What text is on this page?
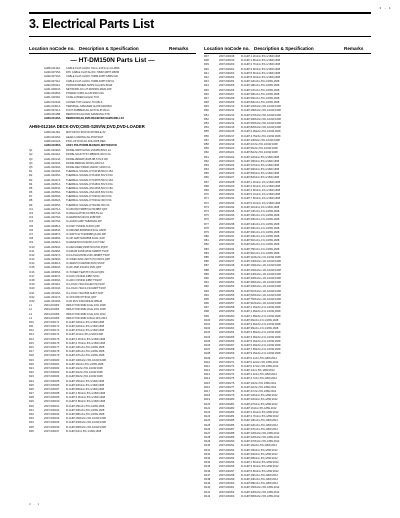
3 - 1
3. Electrical Parts List
Location no.
Code no. Description & Specification	Remarks
— HT-DM150N Parts List —
AH68-01143A	CABLE FLAT-AH;DC,70mm,24P,1mm,UL2896
AH39-00715A	FPC CABLE FLAT;AH;DC,70MM,40PIT,18MM
AH39-00710A	CABLE FLAT-AH;DC,70MM,40PIT,18MM,GD
AH39-00711A	CABLE FLAT-AH;DC,70MM,40PIT,15P,UL
AH93-00611A	TRANSFORMER-SMPS;AH,220V,60HZ
AH41-00603A	NETWORK-DC;HT-DM150N,MAIN,20P
AH94-00180A	POWER CORD;AH,2P,250V,10A
AH61-01150A	CASE-LOWER;AH,EGI,T0.8
AH63-01233A	COVER-TOP;AH,EGI,T0.6,BLK
AH64-01301A	TERMINAL-SPEAKER;AH,8P,GRN,BLK
AH63-00721A	FOOT-RUBBER;AH,ANTI-SLIP,15mm
AH59-00115B	REMOCON;AH,DVD,SAMSUNG,STD
AH59-01146A	REMOCON;AH,DVD-RECEIVER,SAMSUNG,LZ3
AH59-01216A DECK-DVD;CMS-S25V\N;DVD,DVD-LOADER
AH59-01146A	MOTOR DC;3P,DVD,SPINDLE,3V
AH63-00415A	GEAR-LOADING;AH,POM,WHT
AH59-01012A	PICK-UP DVD;AH,SOH-DP8,RED
AH59-01005A	ASSY POLYFORM-MAIN;DC,MOTOR,DVD
Q1	AH41-00199A	DIODE-SWITCHING;1SS355,80V,0.1A
Q2	AH41-00211A	DIODE-SCHOTTKY;RB520S,30V,0.2A
Q3	AH41-00214A	DIODE-ZENER;UDZ5.6B,5.6V,0.2W
Q4	AH41-00223A	DIODE-BRIDGE;DF04S,400V,1A
Q5	AH41-00230A	DIODE-RECTIFIER;1N4007,1000V,1A
R1	AH41-00243A	THERMAL-SIGNAL;KTC3198,50V,0.15A
R2	AH41-00245A	THERMAL-SIGNAL;KTA1266,50V,0.15A
R3	AH41-00247A	THERMAL-SIGNAL;KTC3875,50V,0.15A
R4	AH41-00251A	THERMAL-SIGNAL;KTA1504,50V,0.15A
R5	AH41-00254A	THERMAL-SIGNAL;2SC1815,50V,0.15A
R6	AH41-00256A	THERMAL-SIGNAL;2SA1015,50V,0.15A
R7	AH41-00259A	THERMAL-SIGNAL;KTC9013,40V,0.5A
R8	AH41-00262A	THERMAL-SIGNAL;KTC9012,40V,0.5A
R9	AH41-00265A	THERMAL-SIGNAL;KTD1351,60V,3A
IC1	AH41-00271A	IC-MICOM;TMP87CH74F,8BIT,QFP
IC2	AH41-00274A	IC-REGULATOR;KA7805,5V,1A
IC3	AH41-00276A	IC-EEPROM;24C02,2KBIT,8P
IC4	AH41-00279A	IC-AUDIO AMP;TA8200AH,ZIP
IC5	AH41-00281A	IC-DSP;YSS930,AUDIO,QFP
IC6	AH41-00284A	IC-DRIVER;BA5954FP,4CH,HSOP
IC7	AH41-00287A	IC-SWITCH;TC4066BP,QUAD,DIP
IC8	AH41-00289A	IC-OP AMP;NJM4558,DUAL,SOP
IC9	AH41-00291A	IC-RESET;KIA7042AP,4.2V,TO92
IC10	AH41-00293A	IC-DECODER;ZR36710,DVD,PQFP
IC11	AH41-00295A	IC-DRAM;K4S641632,64MBIT,TSOP
IC12	AH41-00297A	IC-FLASH;MX29LV160,16MBIT,TSOP
IC13	AH41-00299A	IC-VIDEO ENC;ADV7170,CMOS,QFP
IC14	AH41-00301A	IC-SERVO;KA9259D,DVD,SSOP
IC15	AH41-00303A	IC-RF AMP;KS1461,DVD,QFP
IC16	AH41-00305A	IC-TUNER;TEA5767,FM,HVQFN
IC17	AH41-00307A	IC-DAC;CS4340,24BIT,SOIC
IC18	AH41-00309A	IC-ADC;CS5340,24BIT,TSSOP
IC19	AH41-00311A	IC-LOGIC;74HC04,HEX INV,SOP
IC20	AH41-00313A	IC-LOGIC;74HC14,SCHMITT,SOP
IC21	AH41-00315A	IC-LOGIC;74HC595,SHIFT,SOP
IC22	AH41-00317A	IC-VFD DRV;PT6311,QFP
IC23	AH41-00319A	IC-IR RCV;KSM-603LM,38KHZ
L1	2901-001063	INDUCTOR-SMD;10uH,10%,1608
L2	2901-001064	INDUCTOR-SMD;22uH,10%,1608
L3	2901-001065	INDUCTOR-SMD;47uH,10%,2012
L4	2901-001066	INDUCTOR-SMD;100uH,10%,2012
R10	2007-000171	R-CHIP;100ohm,5%,1/16W,1608
R11	2007-000172	R-CHIP;220ohm,5%,1/16W,1608
R12	2007-000173	R-CHIP;470ohm,5%,1/16W,1608
R13	2007-000174	R-CHIP;1Kohm,5%,1/16W,1608
R14	2007-000175	R-CHIP;2.2Kohm,5%,1/16W,1608
R15	2007-000176	R-CHIP;4.7Kohm,5%,1/16W,1608
R16	2007-000177	R-CHIP;10Kohm,5%,1/16W,1608
R17	2007-000178	R-CHIP;22Kohm,5%,1/16W,1608
R18	2007-000179	R-CHIP;47Kohm,5%,1/16W,1608
R19	2007-000180	R-CHIP;100Kohm,5%,1/16W,1608
R20	2007-000181	R-CHIP;1Mohm,5%,1/16W,1608
R21	2007-000182	R-CHIP;10ohm,5%,1/16W,1608
R22	2007-000183	R-CHIP;33ohm,5%,1/16W,1608
R23	2007-000184	R-CHIP;68ohm,5%,1/16W,1608
R24	2007-000185	R-CHIP;150ohm,5%,1/16W,1608
R25	2007-000186	R-CHIP;330ohm,5%,1/16W,1608
R26	2007-000187	R-CHIP;680ohm,5%,1/16W,1608
R27	2007-000188	R-CHIP;1.5Kohm,5%,1/16W,1608
R28	2007-000189	R-CHIP;3.3Kohm,5%,1/16W,1608
R29	2007-000190	R-CHIP;6.8Kohm,5%,1/16W,1608
R30	2007-000191	R-CHIP;15Kohm,5%,1/16W,1608
R31	2007-000192	R-CHIP;33Kohm,5%,1/16W,1608
R32	2007-000193	R-CHIP;68Kohm,5%,1/16W,1608
R33	2007-000194	R-CHIP;150Kohm,5%,1/16W,1608
R34	2007-000195	R-CHIP;330Kohm,5%,1/16W,1608
R35	2007-000196	R-CHIP;680Kohm,5%,1/16W,1608
R36	2007-000197	R-CHIP;0ohm,5%,1/16W,1608
Location no.
Code no. Description & Specification	Remarks
R37	2007-000198	R-CHIP;1.2Kohm,5%,1/16W,1608
R38	2007-000199	R-CHIP;1.8Kohm,5%,1/16W,1608
R39	2007-000200	R-CHIP;2.7Kohm,5%,1/16W,1608
R40	2007-000201	R-CHIP;3.9Kohm,5%,1/16W,1608
R41	2007-000202	R-CHIP;5.6Kohm,5%,1/16W,1608
R42	2007-000203	R-CHIP;8.2Kohm,5%,1/16W,1608
R43	2007-000204	R-CHIP;12Kohm,5%,1/16W,1608
R44	2007-000205	R-CHIP;18Kohm,5%,1/16W,1608
R45	2007-000206	R-CHIP;27Kohm,5%,1/16W,1608
R46	2007-000207	R-CHIP;39Kohm,5%,1/16W,1608
R47	2007-000208	R-CHIP;56Kohm,5%,1/16W,1608
R48	2007-000209	R-CHIP;82Kohm,5%,1/16W,1608
R49	2007-000210	R-CHIP;120Kohm,5%,1/16W,1608
R50	2007-000211	R-CHIP;180Kohm,5%,1/16W,1608
R51	2007-000212	R-CHIP;270Kohm,5%,1/16W,1608
R52	2007-000213	R-CHIP;390Kohm,5%,1/16W,1608
R53	2007-000214	R-CHIP;560Kohm,5%,1/16W,1608
R54	2007-000215	R-CHIP;820Kohm,5%,1/16W,1608
R55	2007-000216	R-CHIP;2.2Mohm,5%,1/16W,1608
R56	2007-000217	R-CHIP;4.7Mohm,5%,1/16W,1608
R57	2007-000218	R-CHIP;10Mohm,5%,1/16W,1608
R58	2007-000219	R-CHIP;47ohm,5%,1/16W,1608
R59	2007-000220	R-CHIP;56ohm,5%,1/16W,1608
R60	2007-000221	R-CHIP;82ohm,5%,1/16W,1608
R61	2007-000222	R-CHIP;120ohm,5%,1/16W,1608
R62	2007-000223	R-CHIP;180ohm,5%,1/16W,1608
R63	2007-000224	R-CHIP;270ohm,5%,1/16W,1608
R64	2007-000225	R-CHIP;390ohm,5%,1/16W,1608
R65	2007-000226	R-CHIP;560ohm,5%,1/16W,1608
R66	2007-000227	R-CHIP;820ohm,5%,1/16W,1608
R67	2007-000228	R-CHIP;1.2Kohm,1%,1/16W,1608
R68	2007-000229	R-CHIP;2.4Kohm,1%,1/16W,1608
R69	2007-000230	R-CHIP;3.6Kohm,1%,1/16W,1608
R70	2007-000231	R-CHIP;5.1Kohm,1%,1/16W,1608
R71	2007-000232	R-CHIP;7.5Kohm,1%,1/16W,1608
R72	2007-000233	R-CHIP;9.1Kohm,1%,1/16W,1608
R73	2007-000234	R-CHIP;11Kohm,1%,1/16W,1608
R74	2007-000235	R-CHIP;13Kohm,1%,1/16W,1608
R75	2007-000236	R-CHIP;16Kohm,1%,1/16W,1608
R76	2007-000237	R-CHIP;20Kohm,1%,1/16W,1608
R77	2007-000238	R-CHIP;24Kohm,1%,1/16W,1608
R78	2007-000239	R-CHIP;30Kohm,1%,1/16W,1608
R79	2007-000240	R-CHIP;36Kohm,1%,1/16W,1608
R80	2007-000241	R-CHIP;43Kohm,1%,1/16W,1608
R81	2007-000242	R-CHIP;51Kohm,1%,1/16W,1608
R82	2007-000243	R-CHIP;62Kohm,1%,1/16W,1608
R83	2007-000244	R-CHIP;75Kohm,1%,1/16W,1608
R84	2007-000245	R-CHIP;91Kohm,1%,1/16W,1608
R85	2007-000246	R-CHIP;110Kohm,1%,1/16W,1608
R86	2007-000247	R-CHIP;130Kohm,1%,1/16W,1608
R87	2007-000248	R-CHIP;160Kohm,1%,1/16W,1608
R88	2007-000249	R-CHIP;200Kohm,1%,1/16W,1608
R89	2007-000250	R-CHIP;240Kohm,1%,1/16W,1608
R90	2007-000251	R-CHIP;300Kohm,1%,1/16W,1608
R91	2007-000252	R-CHIP;360Kohm,1%,1/16W,1608
R92	2007-000253	R-CHIP;430Kohm,1%,1/16W,1608
R93	2007-000254	R-CHIP;510Kohm,1%,1/16W,1608
R94	2007-000255	R-CHIP;620Kohm,1%,1/16W,1608
R95	2007-000256	R-CHIP;750Kohm,1%,1/16W,1608
R96	2007-000257	R-CHIP;910Kohm,1%,1/16W,1608
R97	2007-000258	R-CHIP;1.1Mohm,1%,1/16W,1608
R98	2007-000259	R-CHIP;1.3Mohm,1%,1/16W,1608
R99	2007-000260	R-CHIP;1.6Mohm,1%,1/16W,1608
R100	2007-000261	R-CHIP;2Mohm,1%,1/16W,1608
R101	2007-000262	R-CHIP;2.4Mohm,1%,1/16W,1608
R102	2007-000263	R-CHIP;3Mohm,1%,1/16W,1608
R103	2007-000264	R-CHIP;3.6Mohm,1%,1/16W,1608
R104	2007-000265	R-CHIP;4.3Mohm,1%,1/16W,1608
R105	2007-000266	R-CHIP;5.1Mohm,1%,1/16W,1608
R106	2007-000267	R-CHIP;6.2Mohm,1%,1/16W,1608
R107	2007-000268	R-CHIP;7.5Mohm,1%,1/16W,1608
R108	2007-000269	R-CHIP;9.1Mohm,1%,1/16W,1608
R109	2007-000270	R-CHIP;0.1ohm,5%,1/8W,2012
R110	2007-000271	R-CHIP;0.22ohm,5%,1/8W,2012
R111	2007-000272	R-CHIP;0.47ohm,5%,1/8W,2012
R112	2007-000273	R-CHIP;1ohm,5%,1/8W,2012
R113	2007-000274	R-CHIP;2.2ohm,5%,1/8W,2012
R114	2007-000275	R-CHIP;4.7ohm,5%,1/8W,2012
R115	2007-000276	R-CHIP;10ohm,5%,1/8W,2012
R116	2007-000277	R-CHIP;22ohm,5%,1/8W,2012
R117	2007-000278	R-CHIP;47ohm,5%,1/8W,2012
R118	2007-000279	R-CHIP;100ohm,5%,1/8W,2012
R119	2007-000280	R-CHIP;220ohm,5%,1/8W,2012
R120	2007-000281	R-CHIP;470ohm,5%,1/8W,2012
R121	2007-000282	R-CHIP;1Kohm,5%,1/8W,2012
R122	2007-000283	R-CHIP;2.2Kohm,5%,1/8W,2012
R123	2007-000284	R-CHIP;4.7Kohm,5%,1/8W,2012
R124	2007-000285	R-CHIP;10Kohm,5%,1/8W,2012
R125	2007-000286	R-CHIP;22Kohm,5%,1/8W,2012
R126	2007-000287	R-CHIP;47Kohm,5%,1/8W,2012
R127	2007-000288	R-CHIP;100Kohm,5%,1/8W,2012
R128	2007-000289	R-CHIP;220Kohm,5%,1/8W,2012
R129	2007-000290	R-CHIP;470Kohm,5%,1/8W,2012
R130	2007-000291	R-CHIP;1Mohm,5%,1/8W,2012
R131	2007-000292	R-CHIP;150ohm,5%,1/8W,2012
R132	2007-000293	R-CHIP;330ohm,5%,1/8W,2012
R133	2007-000294	R-CHIP;680ohm,5%,1/8W,2012
R134	2007-000295	R-CHIP;1.5Kohm,5%,1/8W,2012
R135	2007-000296	R-CHIP;3.3Kohm,5%,1/8W,2012
R136	2007-000297	R-CHIP;6.8Kohm,5%,1/8W,2012
R137	2007-000298	R-CHIP;15Kohm,5%,1/8W,2012
R138	2007-000299	R-CHIP;33Kohm,5%,1/8W,2012
R139	2007-000300	R-CHIP;68Kohm,5%,1/8W,2012
R140	2007-000301	R-CHIP;150Kohm,5%,1/8W,2012
R141	2007-000302	R-CHIP;330Kohm,5%,1/8W,2012
R142	2007-000303	R-CHIP;680Kohm,5%,1/8W,2012
3 - 1
